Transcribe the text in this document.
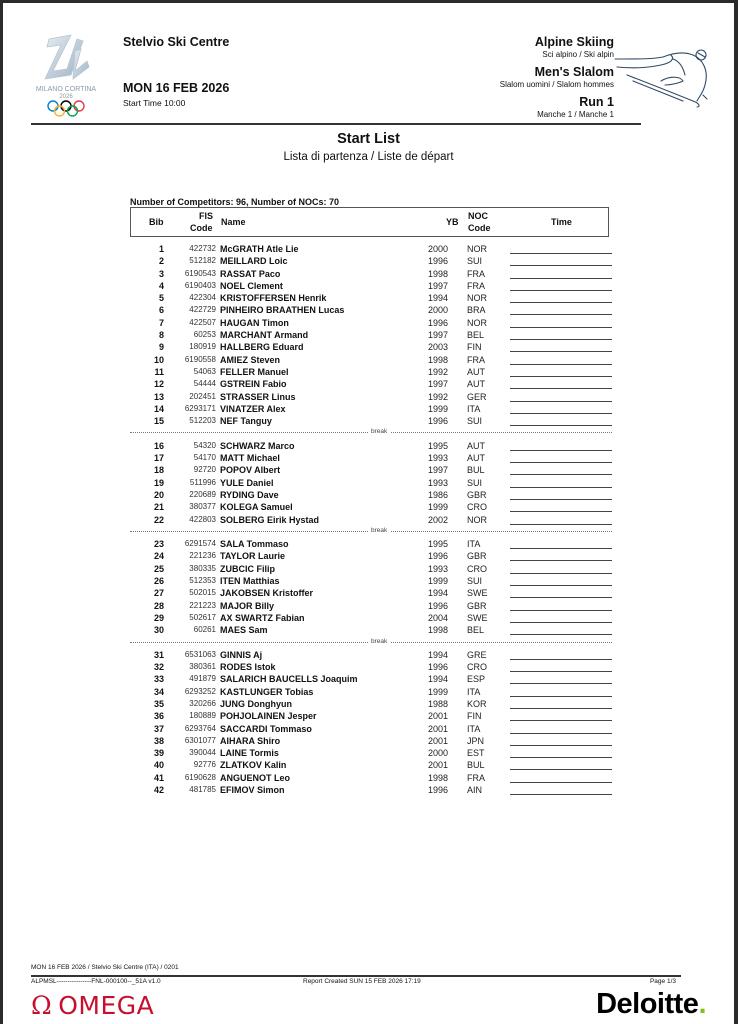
MILANO CORTINA
2026
Stelvio Ski Centre
MON 16 FEB 2026
Start Time 10:00
Alpine Skiing
Sci alpino / Ski alpin
Men's Slalom
Slalom uomini / Slalom hommes
Run 1
Manche 1 / Manche 1
Start List
Lista di partenza / Liste de départ
Number of Competitors: 96, Number of NOCs: 70
Bib
FIS
Code
Name	YB
NOC
Code
Time
1	422732 McGRATH Atle Lie	2000 NOR
2	512182 MEILLARD Loic	1996 SUI
3	6190543 RASSAT Paco	1998 FRA
4	6190403 NOEL Clement	1997 FRA
5	422304 KRISTOFFERSEN Henrik	1994 NOR
6	422729 PINHEIRO BRAATHEN Lucas	2000 BRA
7	422507 HAUGAN Timon	1996 NOR
8	60253 MARCHANT Armand	1997 BEL
9	180919 HALLBERG Eduard	2003 FIN
10	6190558 AMIEZ Steven	1998 FRA
11	54063 FELLER Manuel	1992 AUT
12	54444 GSTREIN Fabio	1997 AUT
13	202451 STRASSER Linus	1992 GER
14	6293171 VINATZER Alex	1999 ITA
15	512203 NEF Tanguy	1996 SUI
break
16	54320 SCHWARZ Marco	1995 AUT
17	54170 MATT Michael	1993 AUT
18	92720 POPOV Albert	1997 BUL
19	511996 YULE Daniel	1993 SUI
20	220689 RYDING Dave	1986 GBR
21	380377 KOLEGA Samuel	1999 CRO
22	422803 SOLBERG Eirik Hystad	2002 NOR
break
23	6291574 SALA Tommaso	1995 ITA
24	221236 TAYLOR Laurie	1996 GBR
25	380335 ZUBCIC Filip	1993 CRO
26	512353 ITEN Matthias	1999 SUI
27	502015 JAKOBSEN Kristoffer	1994 SWE
28	221223 MAJOR Billy	1996 GBR
29	502617 AX SWARTZ Fabian	2004 SWE
30	60261 MAES Sam	1998 BEL
break
31	6531063 GINNIS Aj	1994 GRE
32	380361 RODES Istok	1996 CRO
33	491879 SALARICH BAUCELLS Joaquim	1994 ESP
34	6293252 KASTLUNGER Tobias	1999 ITA
35	320266 JUNG Donghyun	1988 KOR
36	180889 POHJOLAINEN Jesper	2001 FIN
37	6293764 SACCARDI Tommaso	2001 ITA
38	6301077 AIHARA Shiro	2001 JPN
39	390044 LAINE Tormis	2000 EST
40	92776 ZLATKOV Kalin	2001 BUL
41	6190628 ANGUENOT Leo	1998 FRA
42	481785 EFIMOV Simon	1996 AIN
MON 16 FEB 2026 / Stelvio Ski Centre (ITA) / 0201
ALPMSL----------------FNL-000100--_51A v1.0	Report Created SUN 15 FEB 2026 17:19	Page 1/3
Ω OMEGA	Deloitte.
